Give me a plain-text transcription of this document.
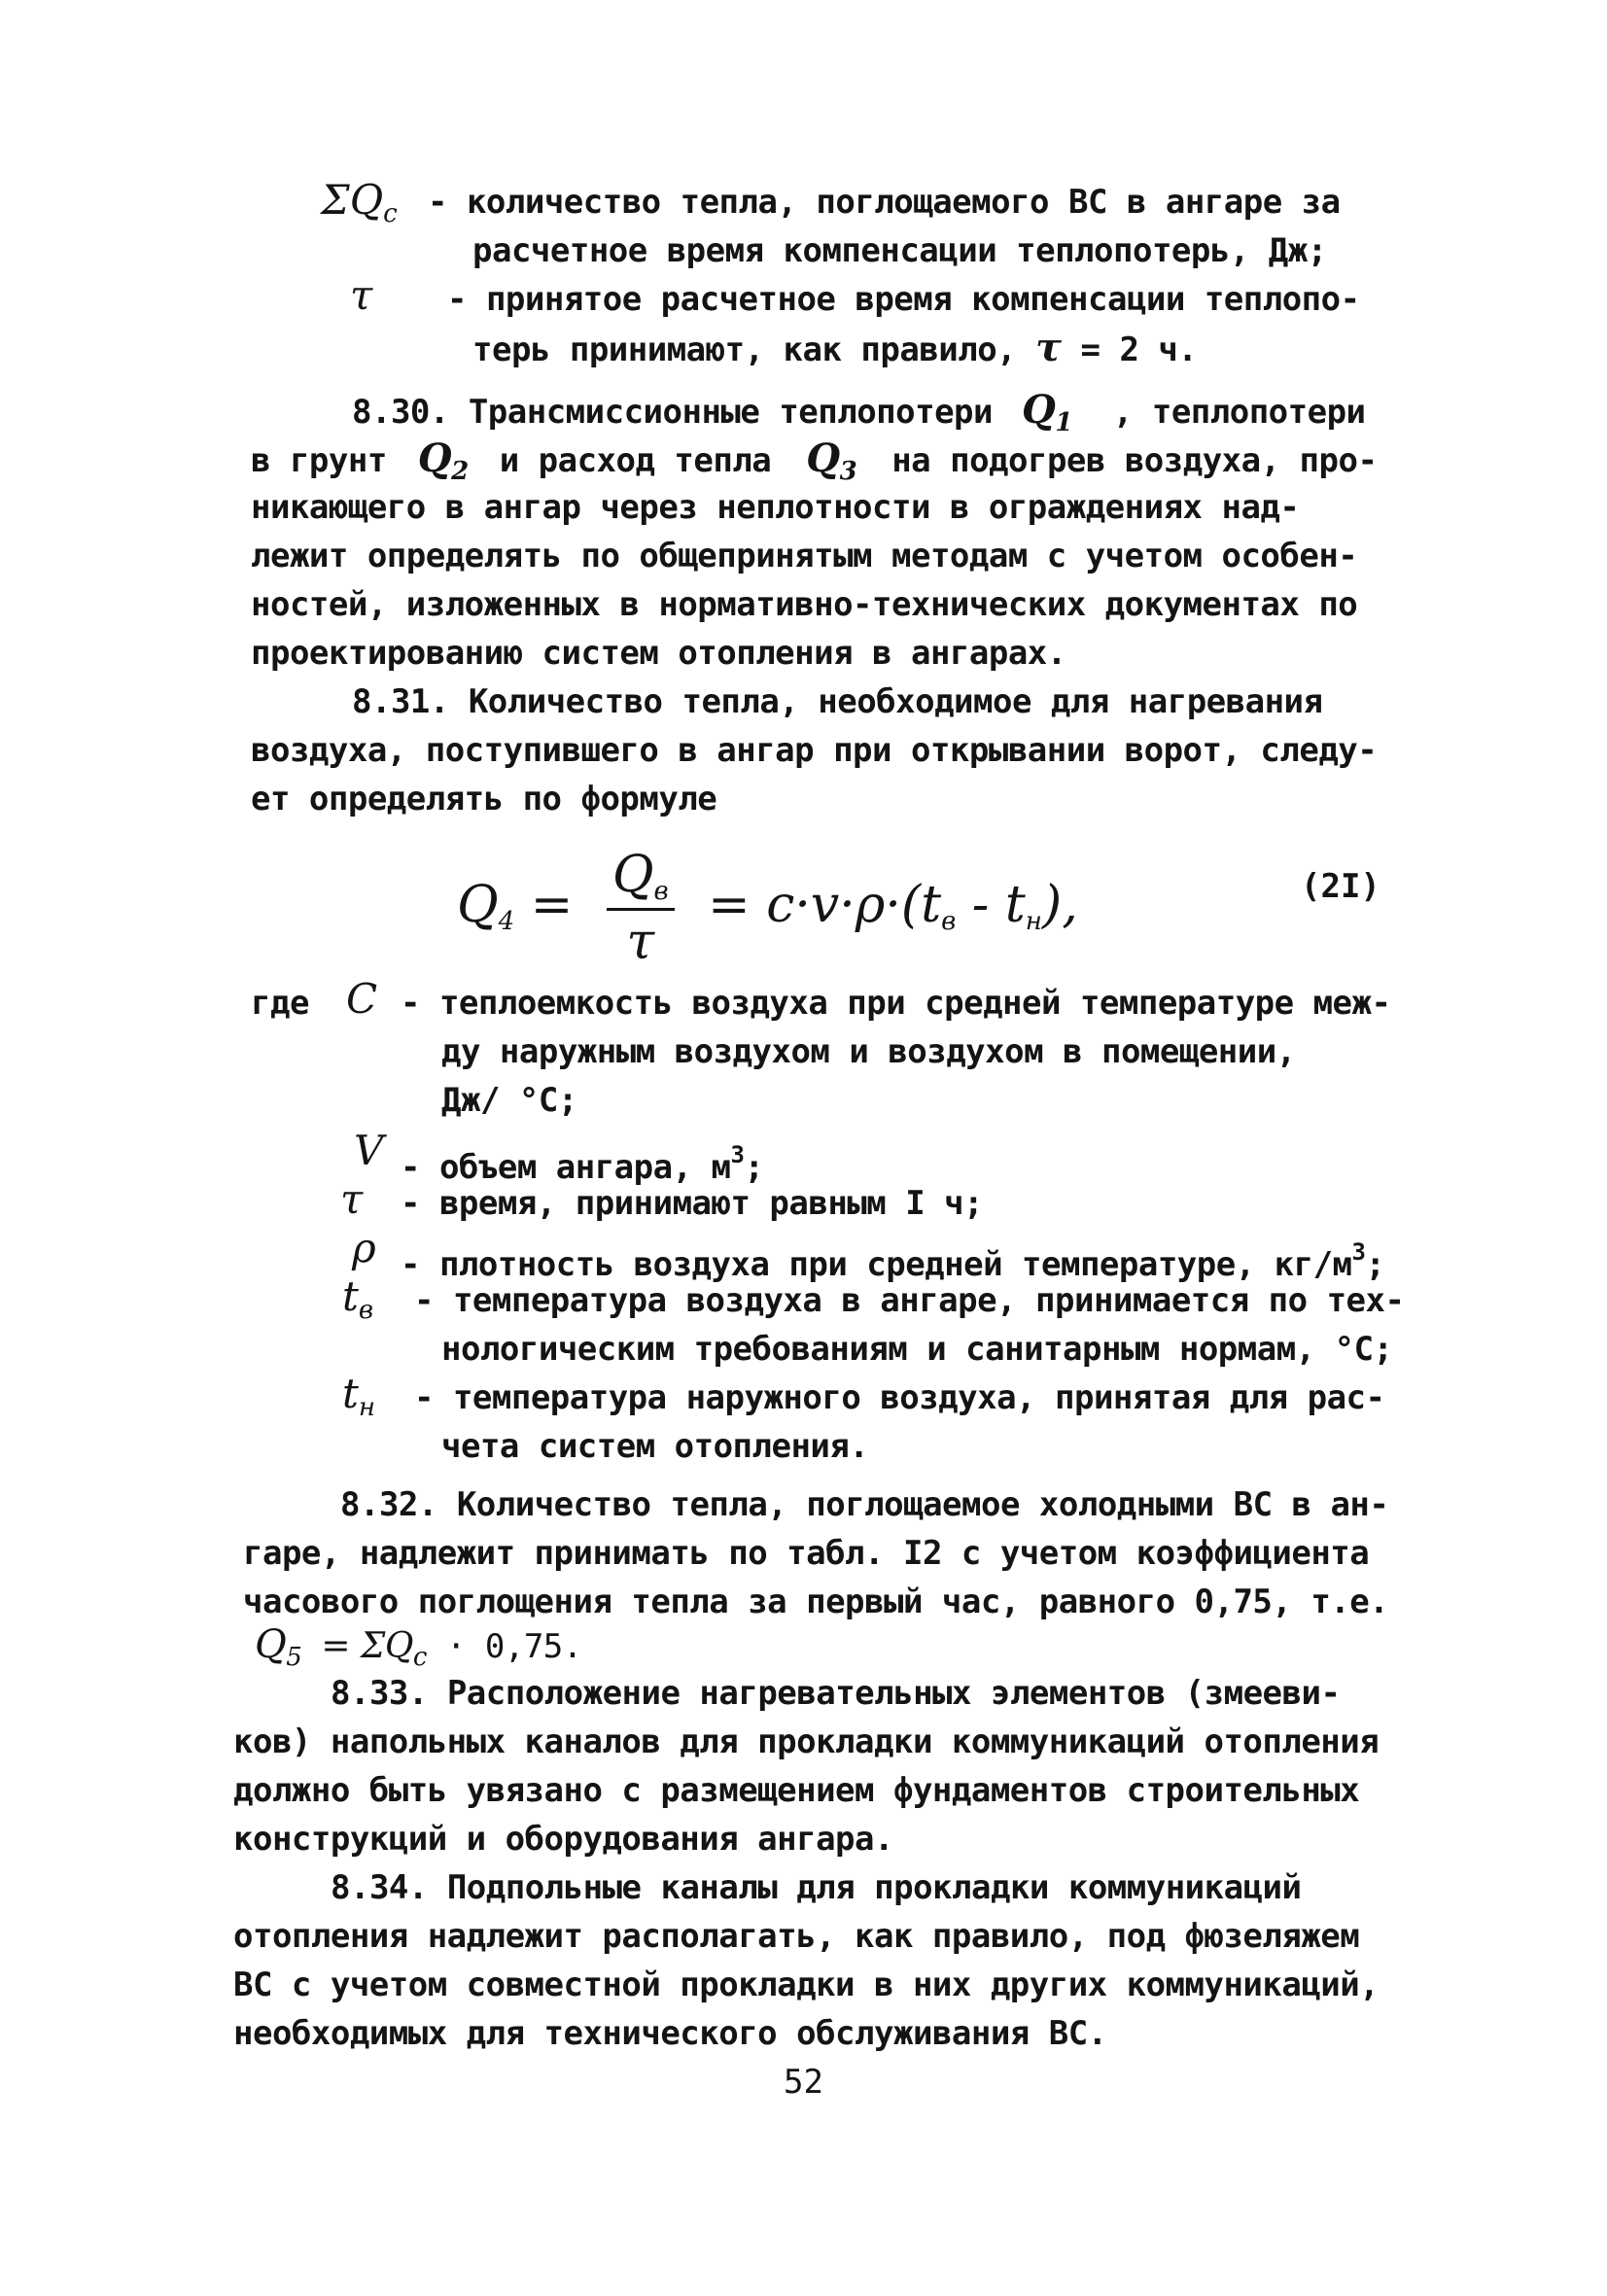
$\Sigma Q_c$ - количество тепла, поглощаемого ВС в ангаре за
расчетное время компенсации теплопотерь, Дж;
τ - принятое расчетное время компенсации теплопо-
терь принимают, как правило, τ = 2 ч.
8.30. Трансмиссионные теплопотери $Q_1$ , теплопотери
в грунт $Q_2$ и расход тепла $Q_3$ на подогрев воздуха, про-
никающего в ангар через неплотности в ограждениях над-
лежит определять по общепринятым методам с учетом особен-
ностей, изложенных в нормативно-технических документах по
проектированию систем отопления в ангарах.
8.31. Количество тепла, необходимое для нагревания
воздуха, поступившего в ангар при открывании ворот, следу-
ет определять по формуле
$Q_4 = \frac{Q_в}{\tau} = c\cdot v\cdot\rho\cdot(t_в - t_н)$,	(2I)
где C - теплоемкость воздуха при средней температуре меж-
ду наружным воздухом и воздухом в помещении,
Дж/ °С;
V - объем ангара, $м^3$;
τ - время, принимают равным I ч;
ρ - плотность воздуха при средней температуре, $кг/м^3$;
$t_в$ - температура воздуха в ангаре, принимается по тех-
нологическим требованиям и санитарным нормам, °С;
$t_н$ - температура наружного воздуха, принятая для рас-
чета систем отопления.
8.32. Количество тепла, поглощаемое холодными ВС в ан-
гаре, надлежит принимать по табл. I2 с учетом коэффициента
часового поглощения тепла за первый час, равного 0,75, т.е.
$Q_5 = \Sigma Q_c \cdot 0,75$.
8.33. Расположение нагревательных элементов (змееви-
ков) напольных каналов для прокладки коммуникаций отопления
должно быть увязано с размещением фундаментов строительных
конструкций и оборудования ангара.
8.34. Подпольные каналы для прокладки коммуникаций
отопления надлежит располагать, как правило, под фюзеляжем
ВС с учетом совместной прокладки в них других коммуникаций,
необходимых для технического обслуживания ВС.
52
